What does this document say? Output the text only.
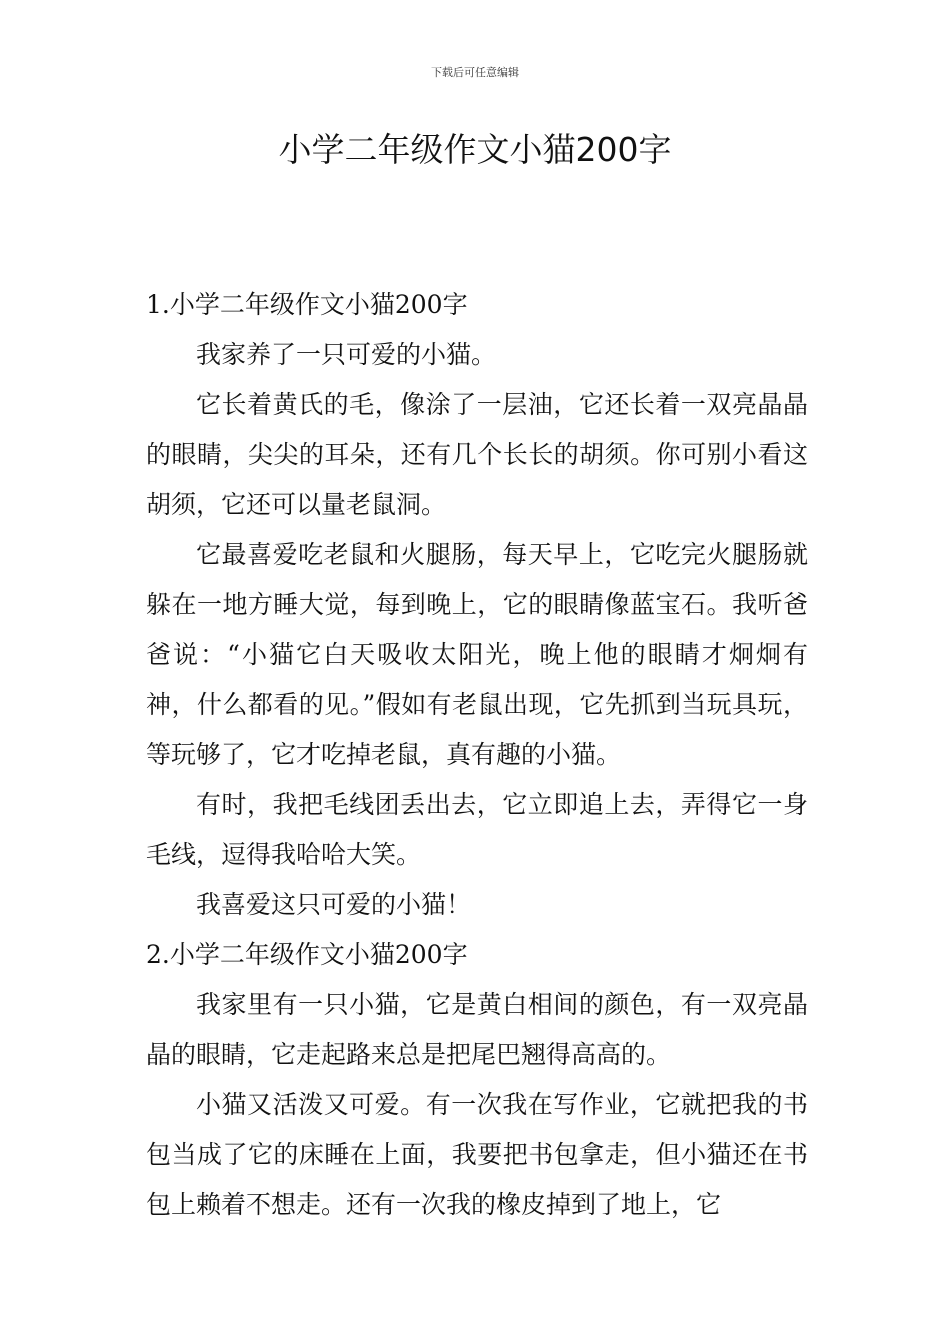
下载后可任意编辑
小学二年级作文小猫200字

1.小学二年级作文小猫200字

我家养了一只可爱的小猫。

它长着黄氏的毛，像涂了一层油，它还长着一双亮晶晶的眼睛，尖尖的耳朵，还有几个长长的胡须。你可别小看这胡须，它还可以量老鼠洞。

它最喜爱吃老鼠和火腿肠，每天早上，它吃完火腿肠就躲在一地方睡大觉，每到晚上，它的眼睛像蓝宝石。我听爸爸说：“小猫它白天吸收太阳光，晚上他的眼睛才炯炯有神，什么都看的见。”假如有老鼠出现，它先抓到当玩具玩，等玩够了，它才吃掉老鼠，真有趣的小猫。

有时，我把毛线团丢出去，它立即追上去，弄得它一身毛线，逗得我哈哈大笑。

我喜爱这只可爱的小猫！

2.小学二年级作文小猫200字

我家里有一只小猫，它是黄白相间的颜色，有一双亮晶晶的眼睛，它走起路来总是把尾巴翘得高高的。

小猫又活泼又可爱。有一次我在写作业，它就把我的书包当成了它的床睡在上面，我要把书包拿走，但小猫还在书包上赖着不想走。还有一次我的橡皮掉到了地上，它
